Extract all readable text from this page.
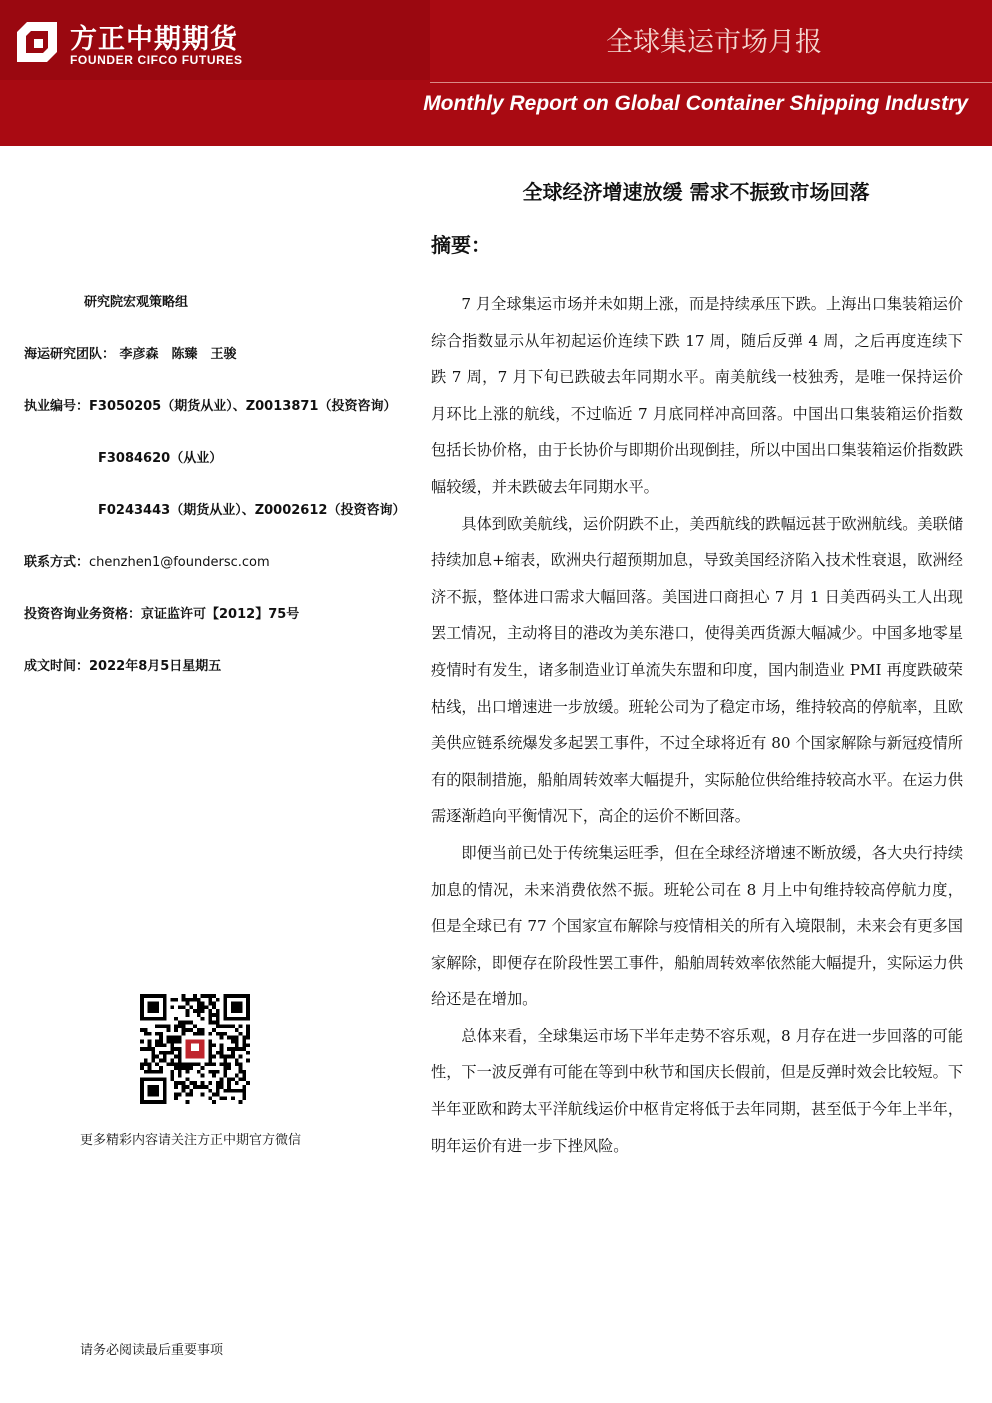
方正中期期货
FOUNDER CIFCO FUTURES
全球集运市场月报
Monthly Report on Global Container Shipping Industry
研究院宏观策略组
海运研究团队： 李彦森　陈臻　王骏
执业编号：F3050205（期货从业）、Z0013871（投资咨询）
F3084620（从业）
F0243443（期货从业）、Z0002612（投资咨询）
联系方式：chenzhen1@foundersc.com
投资咨询业务资格：京证监许可【2012】75号
成文时间：2022年8月5日星期五
更多精彩内容请关注方正中期官方微信
请务必阅读最后重要事项
全球经济增速放缓 需求不振致市场回落
摘要：

7 月全球集运市场并未如期上涨，而是持续承压下跌。上海出口集装箱运价综合指数显示从年初起运价连续下跌 17 周，随后反弹 4 周，之后再度连续下跌 7 周，7 月下旬已跌破去年同期水平。南美航线一枝独秀，是唯一保持运价月环比上涨的航线，不过临近 7 月底同样冲高回落。中国出口集装箱运价指数包括长协价格，由于长协价与即期价出现倒挂，所以中国出口集装箱运价指数跌幅较缓，并未跌破去年同期水平。

具体到欧美航线，运价阴跌不止，美西航线的跌幅远甚于欧洲航线。美联储持续加息+缩表，欧洲央行超预期加息，导致美国经济陷入技术性衰退，欧洲经济不振，整体进口需求大幅回落。美国进口商担心 7 月 1 日美西码头工人出现罢工情况，主动将目的港改为美东港口，使得美西货源大幅减少。中国多地零星疫情时有发生，诸多制造业订单流失东盟和印度，国内制造业 PMI 再度跌破荣枯线，出口增速进一步放缓。班轮公司为了稳定市场，维持较高的停航率，且欧美供应链系统爆发多起罢工事件，不过全球将近有 80 个国家解除与新冠疫情所有的限制措施，船舶周转效率大幅提升，实际舱位供给维持较高水平。在运力供需逐渐趋向平衡情况下，高企的运价不断回落。

即便当前已处于传统集运旺季，但在全球经济增速不断放缓，各大央行持续加息的情况，未来消费依然不振。班轮公司在 8 月上中旬维持较高停航力度，但是全球已有 77 个国家宣布解除与疫情相关的所有入境限制，未来会有更多国家解除，即便存在阶段性罢工事件，船舶周转效率依然能大幅提升，实际运力供给还是在增加。

总体来看，全球集运市场下半年走势不容乐观，8 月存在进一步回落的可能性，下一波反弹有可能在等到中秋节和国庆长假前，但是反弹时效会比较短。下半年亚欧和跨太平洋航线运价中枢肯定将低于去年同期，甚至低于今年上半年，明年运价有进一步下挫风险。
